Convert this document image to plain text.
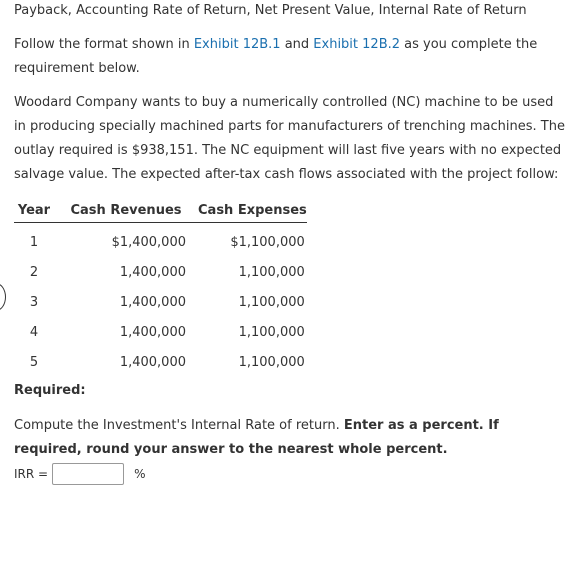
Payback, Accounting Rate of Return, Net Present Value, Internal Rate of Return
Follow the format shown in Exhibit 12B.1 and Exhibit 12B.2 as you complete the requirement below.
Woodard Company wants to buy a numerically controlled (NC) machine to be used in producing specially machined parts for manufacturers of trenching machines. The outlay required is $938,151. The NC equipment will last five years with no expected salvage value. The expected after-tax cash flows associated with the project follow:
Year	Cash Revenues	Cash Expenses
1	$1,400,000	$1,100,000
2	1,400,000	1,100,000
3	1,400,000	1,100,000
4	1,400,000	1,100,000
5	1,400,000	1,100,000
Required:
Compute the Investment's Internal Rate of return. Enter as a percent. If required, round your answer to the nearest whole percent.
IRR =	%
